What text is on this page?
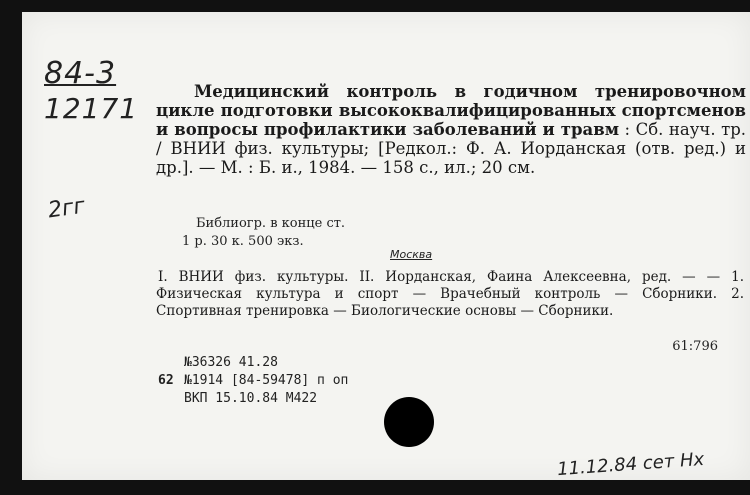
84-3
12171
2гг
Медицинский контроль в годичном тренировочном цикле подготовки высококвалифицированных спортсменов и вопросы профилактики заболеваний и травм : Сб. науч. тр. / ВНИИ физ. культуры; [Редкол.: Ф. А. Иорданская (отв. ред.) и др.]. — М. : Б. и., 1984. — 158 с., ил.; 20 см.
Библиогр. в конце ст.
1 р. 30 к. 500 экз.
Москва
I. ВНИИ физ. культуры. II. Иорданская, Фаина Алексеевна, ред. — — 1. Физическая культура и спорт — Врачебный контроль — Сборники. 2. Спортивная тренировка — Биологические основы — Сборники.
61:796
№36326 41.28
62 №1914 [84-59478] п оп
ВКП 15.10.84 М422
11.12.84 сет Нх
